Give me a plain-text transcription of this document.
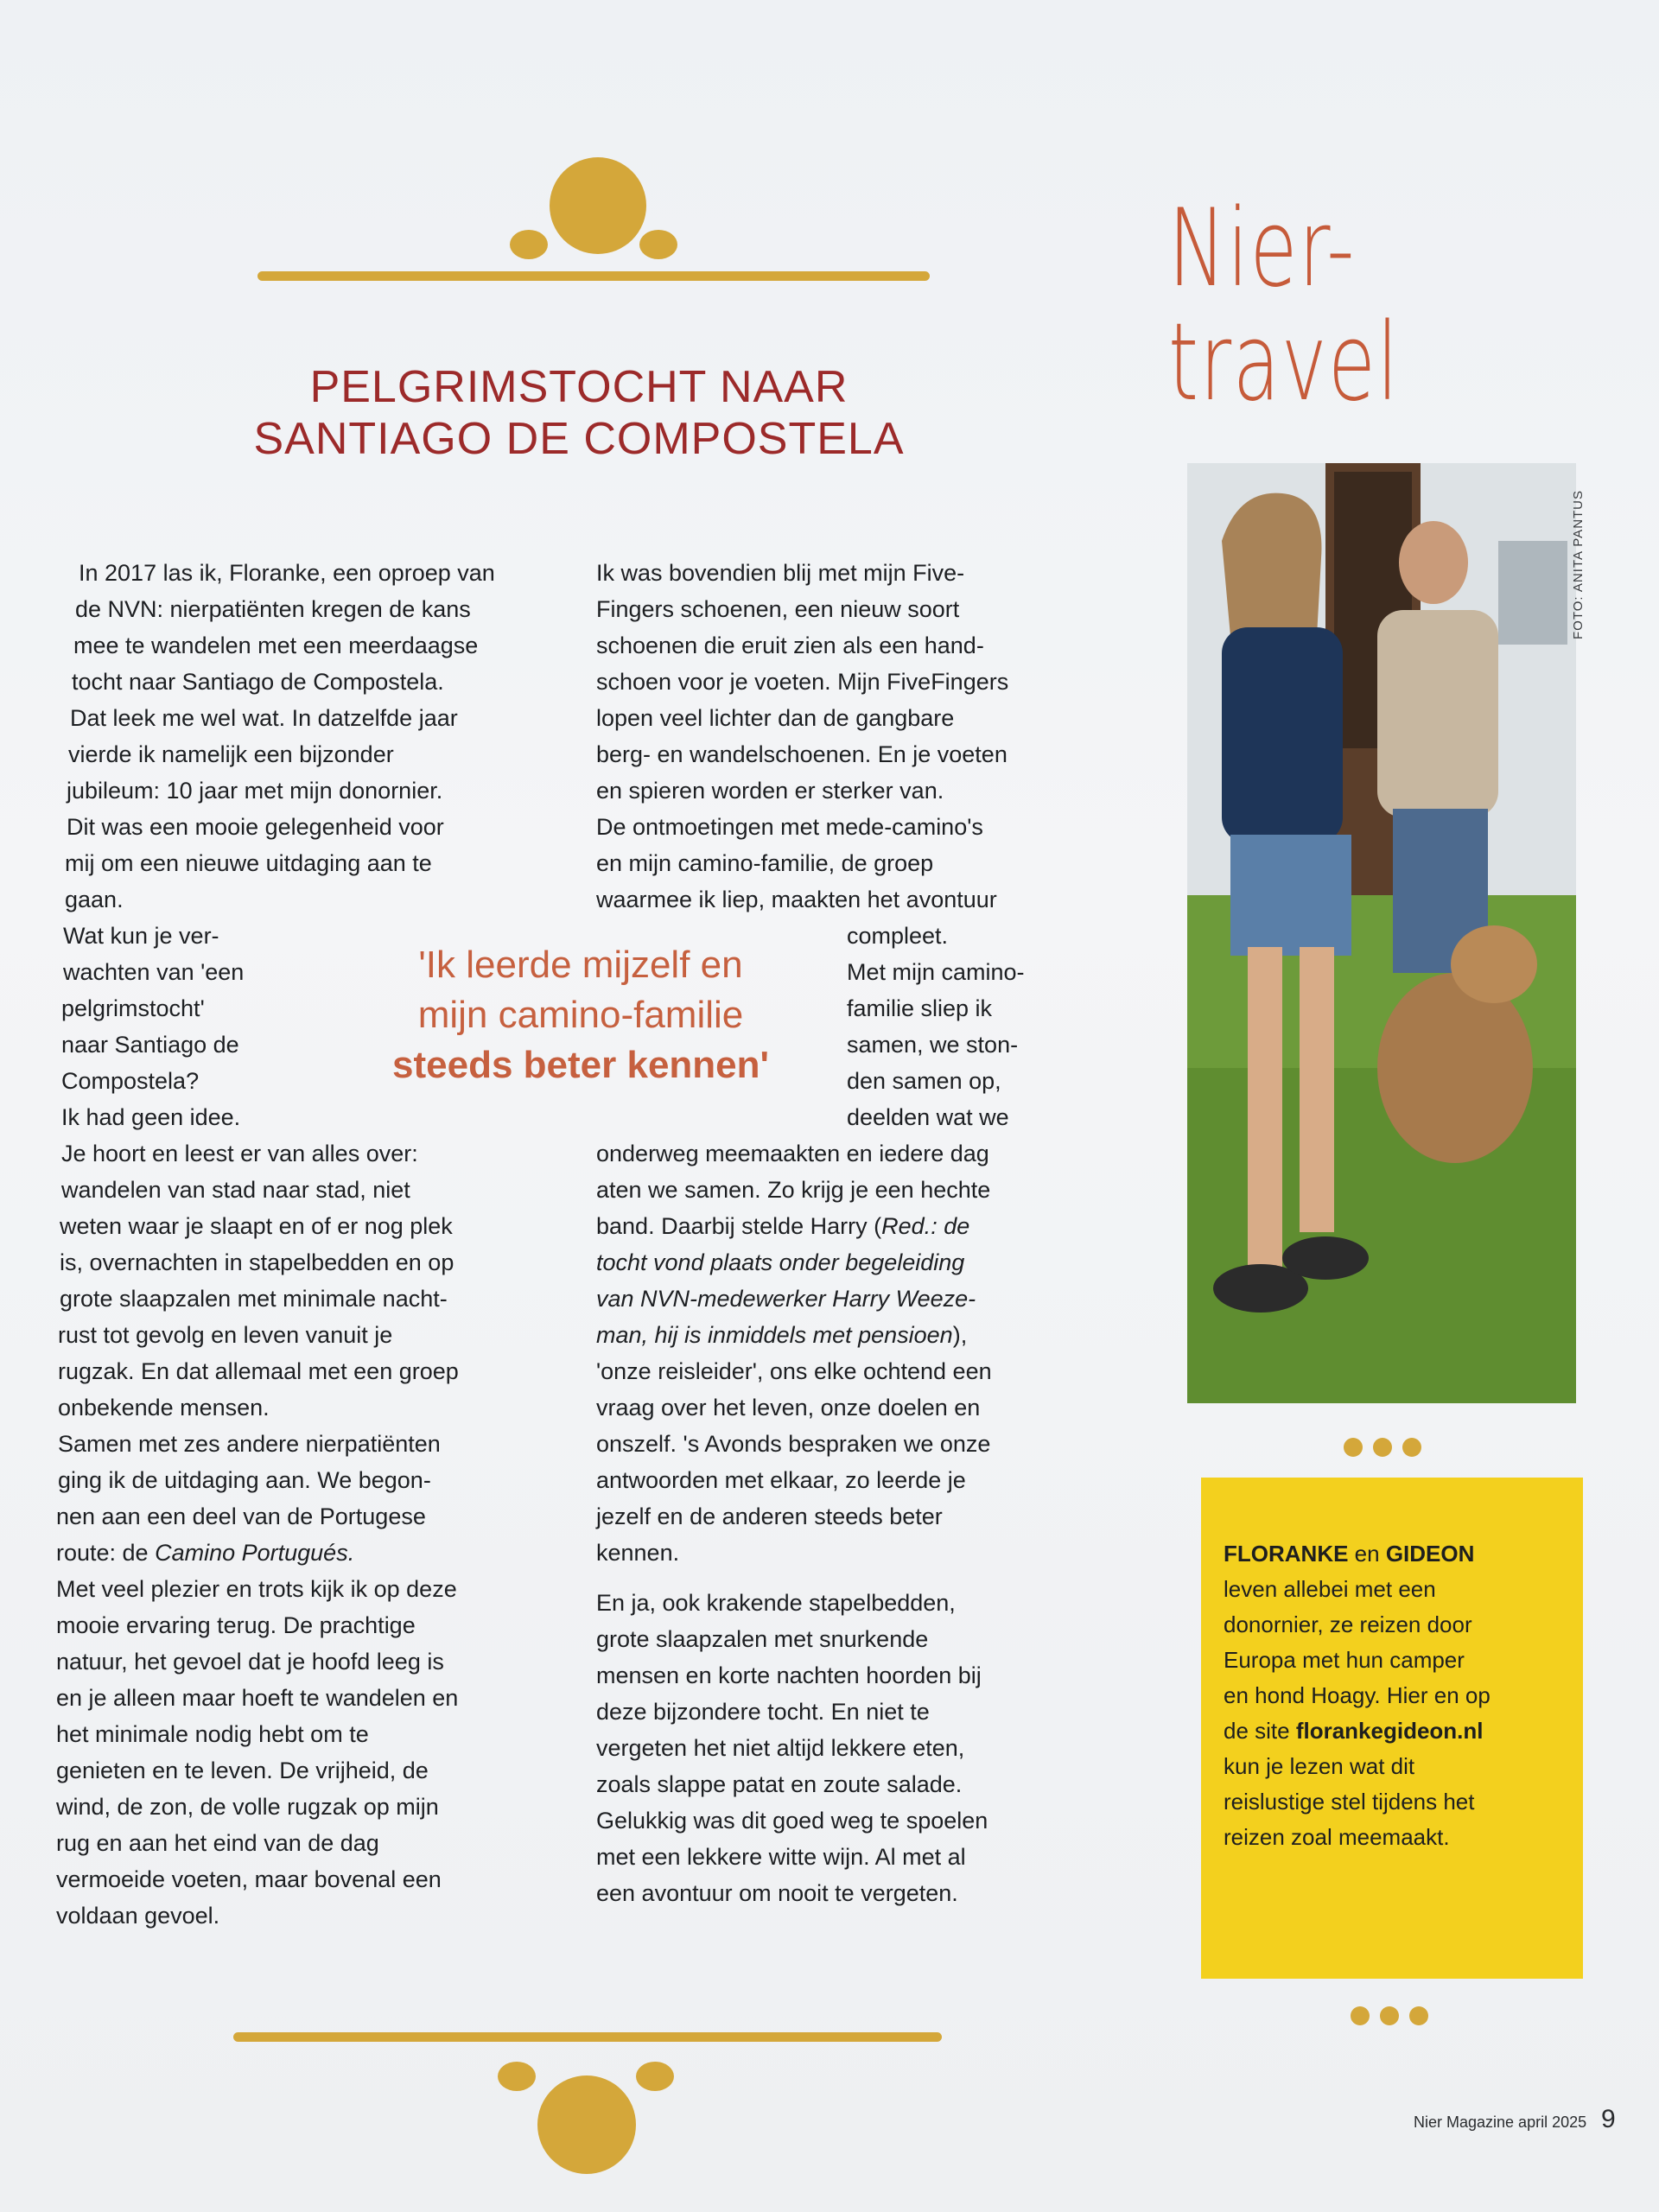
Nier-
travel
PELGRIMSTOCHT NAAR
SANTIAGO DE COMPOSTELA

In 2017 las ik, Floranke, een oproep van

de NVN: nierpatiënten kregen de kans

mee te wandelen met een meerdaagse

tocht naar Santiago de Compostela.

Dat leek me wel wat. In datzelfde jaar

vierde ik namelijk een bijzonder

jubileum: 10 jaar met mijn donornier.

Dit was een mooie gelegenheid voor

mij om een nieuwe uitdaging aan te

gaan.

Wat kun je ver-

wachten van 'een

pelgrimstocht'

naar Santiago de

Compostela?

Ik had geen idee.

Je hoort en leest er van alles over:

wandelen van stad naar stad, niet

weten waar je slaapt en of er nog plek

is, overnachten in stapelbedden en op

grote slaapzalen met minimale nacht-

rust tot gevolg en leven vanuit je

rugzak. En dat allemaal met een groep

onbekende mensen.

Samen met zes andere nierpatiënten

ging ik de uitdaging aan. We begon-

nen aan een deel van de Portugese

route: de Camino Portugués.

Met veel plezier en trots kijk ik op deze

mooie ervaring terug. De prachtige

natuur, het gevoel dat je hoofd leeg is

en je alleen maar hoeft te wandelen en

het minimale nodig hebt om te

genieten en te leven. De vrijheid, de

wind, de zon, de volle rugzak op mijn

rug en aan het eind van de dag

vermoeide voeten, maar bovenal een

voldaan gevoel.

'Ik leerde mijzelf en
mijn camino-familie
steeds beter kennen'

Ik was bovendien blij met mijn Five-

Fingers schoenen, een nieuw soort

schoenen die eruit zien als een hand-

schoen voor je voeten. Mijn FiveFingers

lopen veel lichter dan de gangbare

berg- en wandelschoenen. En je voeten

en spieren worden er sterker van.

De ontmoetingen met mede-camino's

en mijn camino-familie, de groep

waarmee ik liep, maakten het avontuur

compleet.

Met mijn camino-

familie sliep ik

samen, we ston-

den samen op,

deelden wat we

onderweg meemaakten en iedere dag

aten we samen. Zo krijg je een hechte

band. Daarbij stelde Harry (Red.: de

tocht vond plaats onder begeleiding

van NVN-medewerker Harry Weeze-

man, hij is inmiddels met pensioen),

'onze reisleider', ons elke ochtend een

vraag over het leven, onze doelen en

onszelf. 's Avonds bespraken we onze

antwoorden met elkaar, zo leerde je

jezelf en de anderen steeds beter

kennen.

En ja, ook krakende stapelbedden,

grote slaapzalen met snurkende

mensen en korte nachten hoorden bij

deze bijzondere tocht. En niet te

vergeten het niet altijd lekkere eten,

zoals slappe patat en zoute salade.

Gelukkig was dit goed weg te spoelen

met een lekkere witte wijn. Al met al

een avontuur om nooit te vergeten.

FOTO: ANITA PANTUS
FLORANKE en GIDEON
leven allebei met een
donornier, ze reizen door
Europa met hun camper
en hond Hoagy. Hier en op
de site florankegideon.nl
kun je lezen wat dit
reislustige stel tijdens het
reizen zoal meemaakt.
Nier Magazine april 2025 9
